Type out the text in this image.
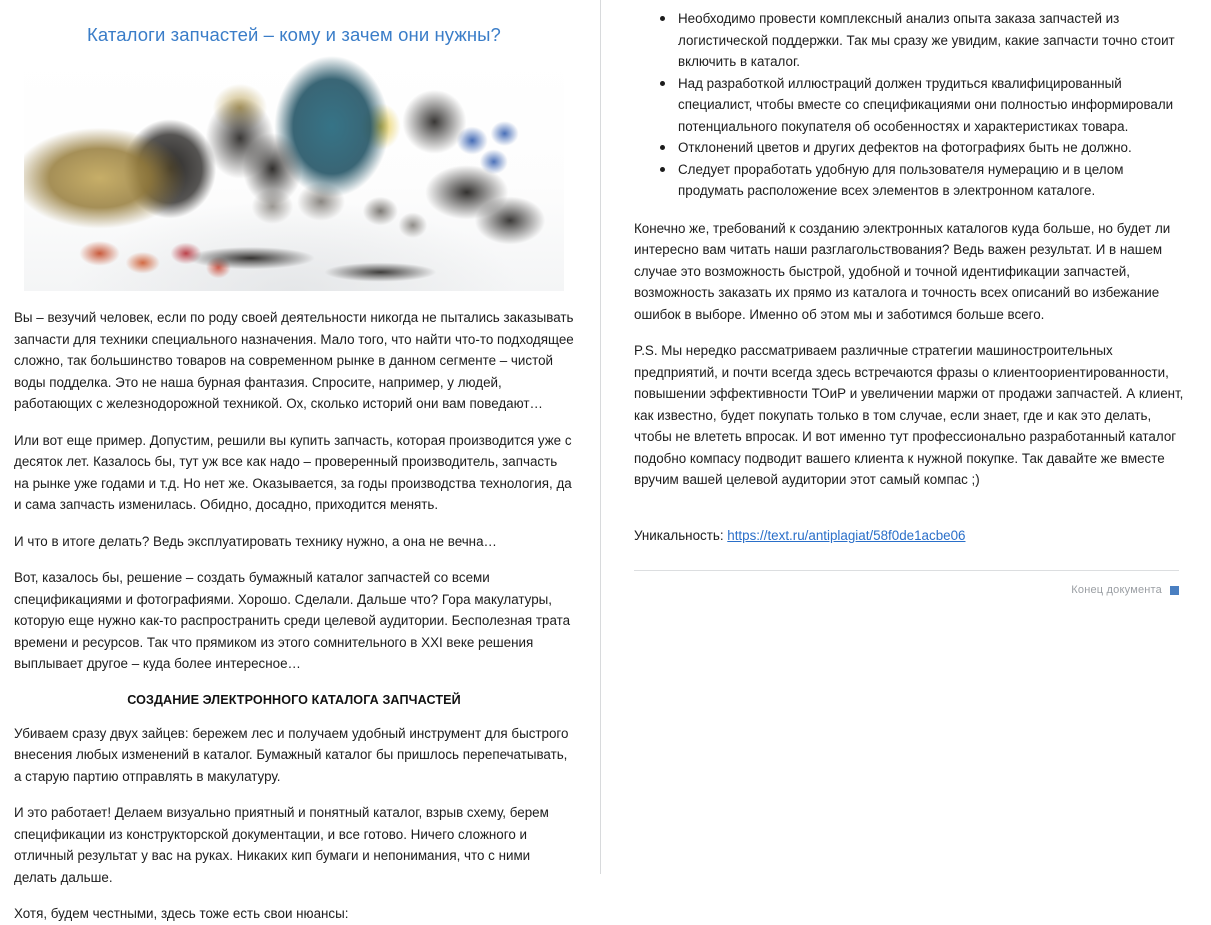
Каталоги запчастей – кому и зачем они нужны?

Вы – везучий человек, если по роду своей деятельности никогда не пытались заказывать запчасти для техники специального назначения. Мало того, что найти что-то подходящее сложно, так большинство товаров на современном рынке в данном сегменте – чистой воды подделка. Это не наша бурная фантазия. Спросите, например, у людей, работающих с железнодорожной техникой. Ох, сколько историй они вам поведают…

Или вот еще пример. Допустим, решили вы купить запчасть, которая производится уже с десяток лет. Казалось бы, тут уж все как надо – проверенный производитель, запчасть на рынке уже годами и т.д. Но нет же. Оказывается, за годы производства технология, да и сама запчасть изменилась. Обидно, досадно, приходится менять.

И что в итоге делать? Ведь эксплуатировать технику нужно, а она не вечна…

Вот, казалось бы, решение – создать бумажный каталог запчастей со всеми спецификациями и фотографиями. Хорошо. Сделали. Дальше что? Гора макулатуры, которую еще нужно как-то распространить среди целевой аудитории. Бесполезная трата времени и ресурсов. Так что прямиком из этого сомнительного в XXI веке решения выплывает другое – куда более интересное…

СОЗДАНИЕ ЭЛЕКТРОННОГО КАТАЛОГА ЗАПЧАСТЕЙ

Убиваем сразу двух зайцев: бережем лес и получаем удобный инструмент для быстрого внесения любых изменений в каталог. Бумажный каталог бы пришлось перепечатывать, а старую партию отправлять в макулатуру.

И это работает! Делаем визуально приятный и понятный каталог, взрыв схему, берем спецификации из конструкторской документации, и все готово. Ничего сложного и отличный результат у вас на руках. Никаких кип бумаги и непонимания, что с ними делать дальше.

Хотя, будем честными, здесь тоже есть свои нюансы:

Необходимо провести комплексный анализ опыта заказа запчастей из логистической поддержки. Так мы сразу же увидим, какие запчасти точно стоит включить в каталог.
Над разработкой иллюстраций должен трудиться квалифицированный специалист, чтобы вместе со спецификациями они полностью информировали потенциального покупателя об особенностях и характеристиках товара.
Отклонений цветов и других дефектов на фотографиях быть не должно.
Следует проработать удобную для пользователя нумерацию и в целом продумать расположение всех элементов в электронном каталоге.

Конечно же, требований к созданию электронных каталогов куда больше, но будет ли интересно вам читать наши разглагольствования? Ведь важен результат. И в нашем случае это возможность быстрой, удобной и точной идентификации запчастей, возможность заказать их прямо из каталога и точность всех описаний во избежание ошибок в выборе. Именно об этом мы и заботимся больше всего.

P.S. Мы нередко рассматриваем различные стратегии машиностроительных предприятий, и почти всегда здесь встречаются фразы о клиентоориентированности, повышении эффективности ТОиР и увеличении маржи от продажи запчастей. А клиент, как известно, будет покупать только в том случае, если знает, где и как это делать, чтобы не влететь впросак. И вот именно тут профессионально разработанный каталог подобно компасу подводит вашего клиента к нужной покупке. Так давайте же вместе вручим вашей целевой аудитории этот самый компас ;)

Уникальность: https://text.ru/antiplagiat/58f0de1acbe06

Конец документа
